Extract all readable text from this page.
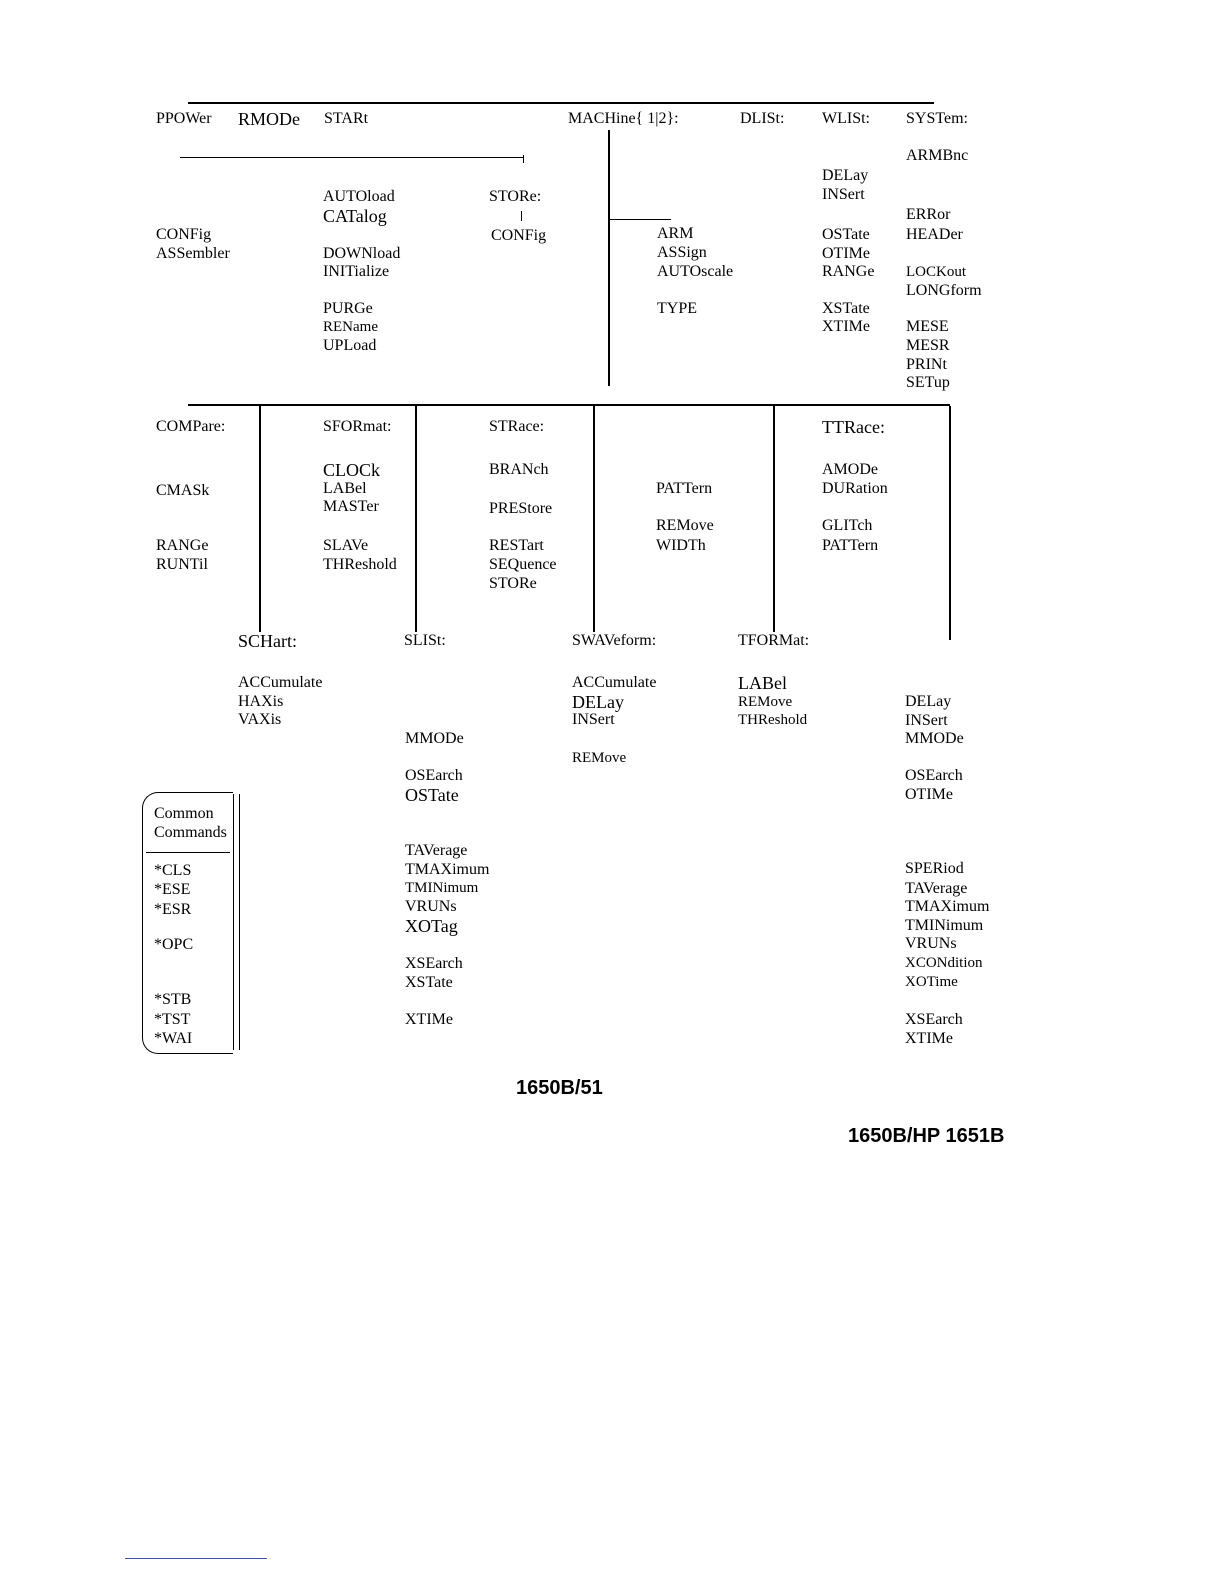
PPOWer RMODe STARt	MACHine{ 1|2}:	DLISt: WLISt: SYSTem:
CONFig
ASSembler
AUTOload
CATalog
DOWNload
INITialize
PURGe
REName
UPLoad
STORe:
CONFig	ARM
ASSign
AUTOscale
TYPE
DELay
INSert
OSTate
OTIMe
RANGe
XSTate
XTIMe
ARMBnc
ERRor
HEADer
LOCKout
LONGform
MESE
MESR
PRINt
SETup
COMPare:
CMASk
RANGe
RUNTil
SFORmat:
CLOCk
LABel
MASTer
SLAVe
THReshold
STRace:
BRANch
PREStore
RESTart
SEQuence
STORe
PATTern
REMove
WIDTh
TTRace:
AMODe
DURation
GLITch
PATTern
SCHart:	SLISt:	SWAVeform:	TFORMat:
ACCumulate
HAXis
VAXis
MMODe
OSEarch
OSTate
TAVerage
TMAXimum
TMINimum
VRUNs
XOTag
XSEarch
XSTate
XTIMe
ACCumulate
DELay
INSert
REMove
LABel
REMove
THReshold
DELay
INSert
MMODe
OSEarch
OTIMe
SPERiod
TAVerage
TMAXimum
TMINimum
VRUNs
XCONdition
XOTime
XSEarch
XTIMe
Common
Commands
*CLS
*ESE
*ESR
*OPC
*STB
*TST
*WAI
1650B/51
1650B/HP 1651B
